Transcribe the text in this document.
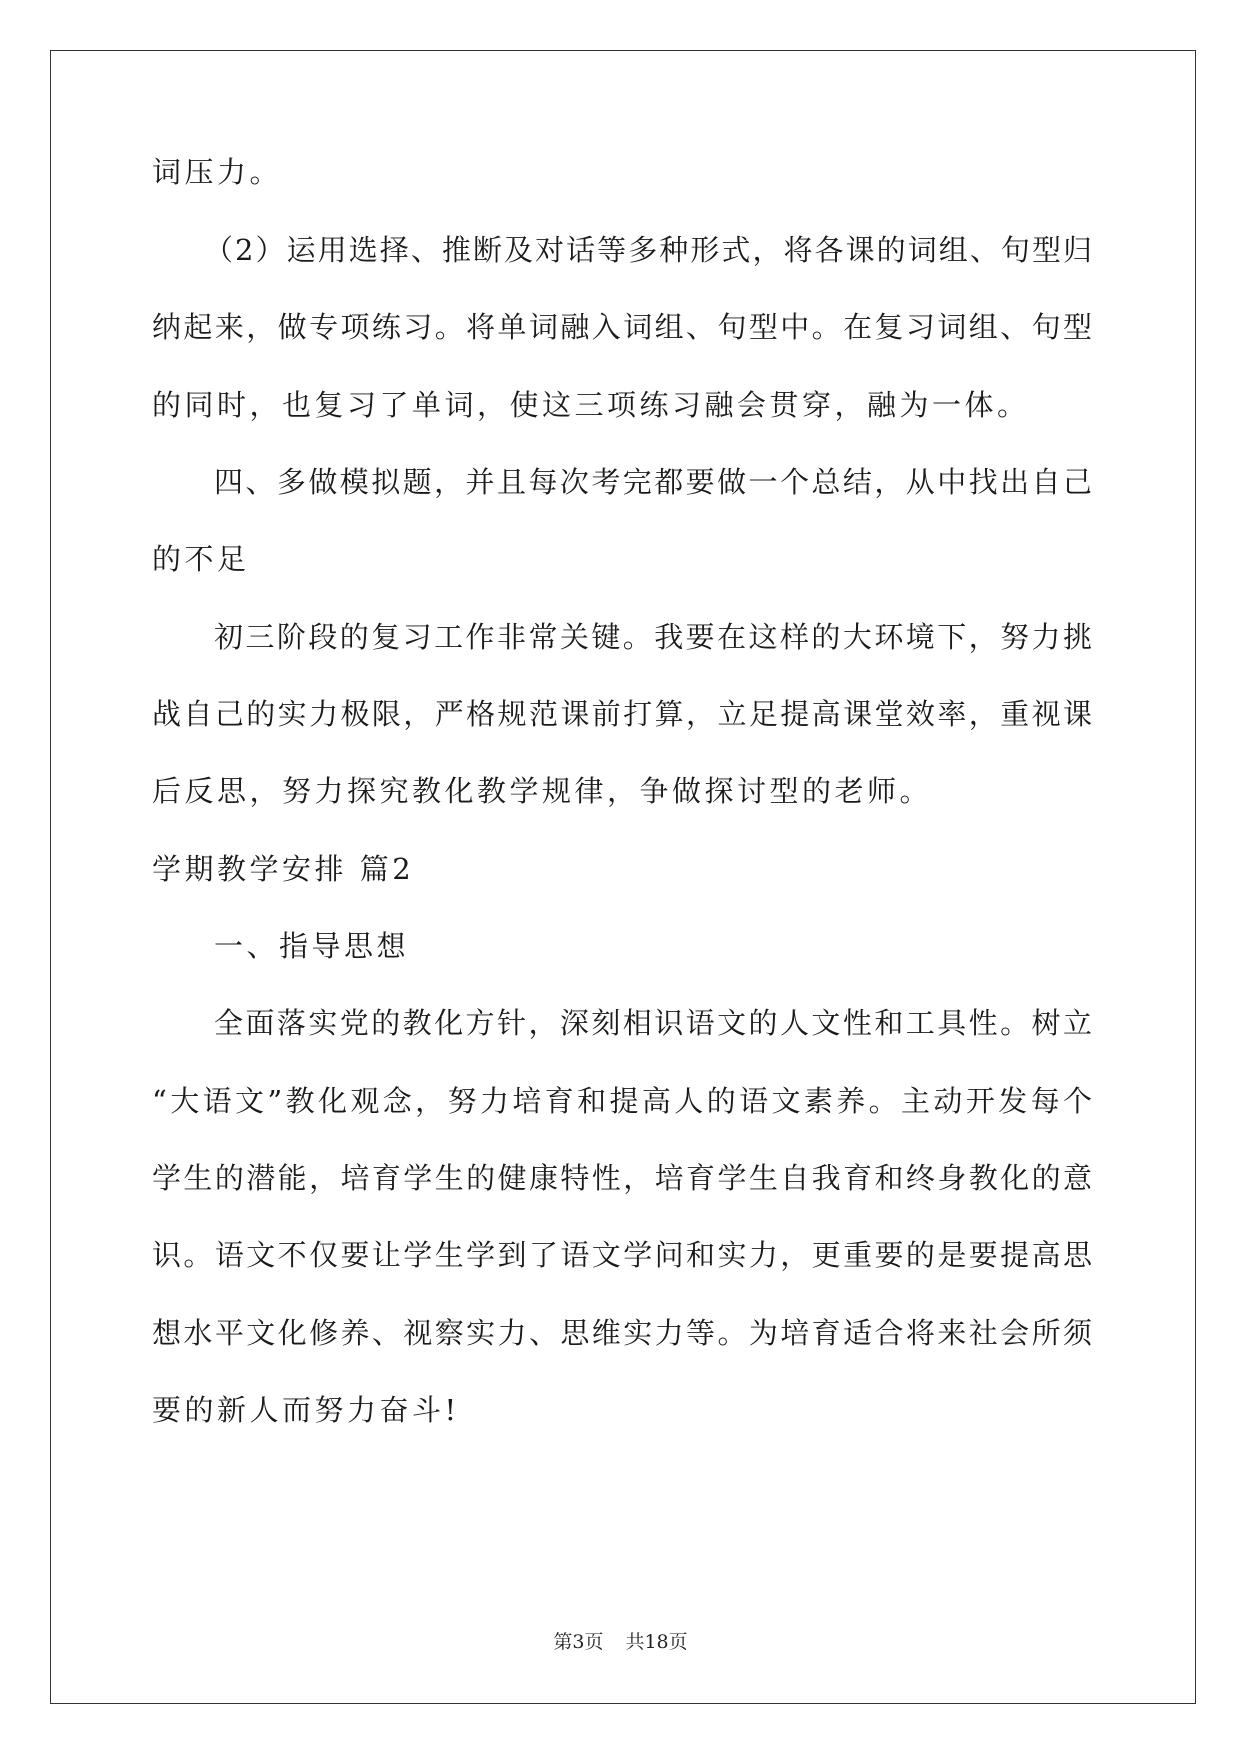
词压力。
（2）运用选择、推断及对话等多种形式，将各课的词组、句型归
纳起来，做专项练习。将单词融入词组、句型中。在复习词组、句型
的同时，也复习了单词，使这三项练习融会贯穿，融为一体。
四、多做模拟题，并且每次考完都要做一个总结，从中找出自己
的不足
初三阶段的复习工作非常关键。我要在这样的大环境下，努力挑
战自己的实力极限，严格规范课前打算，立足提高课堂效率，重视课
后反思，努力探究教化教学规律，争做探讨型的老师。
学期教学安排 篇2
一、指导思想
全面落实党的教化方针，深刻相识语文的人文性和工具性。树立
“大语文”教化观念，努力培育和提高人的语文素养。主动开发每个
学生的潜能，培育学生的健康特性，培育学生自我育和终身教化的意
识。语文不仅要让学生学到了语文学问和实力，更重要的是要提高思
想水平文化修养、视察实力、思维实力等。为培育适合将来社会所须
要的新人而努力奋斗!
第3页 共18页
